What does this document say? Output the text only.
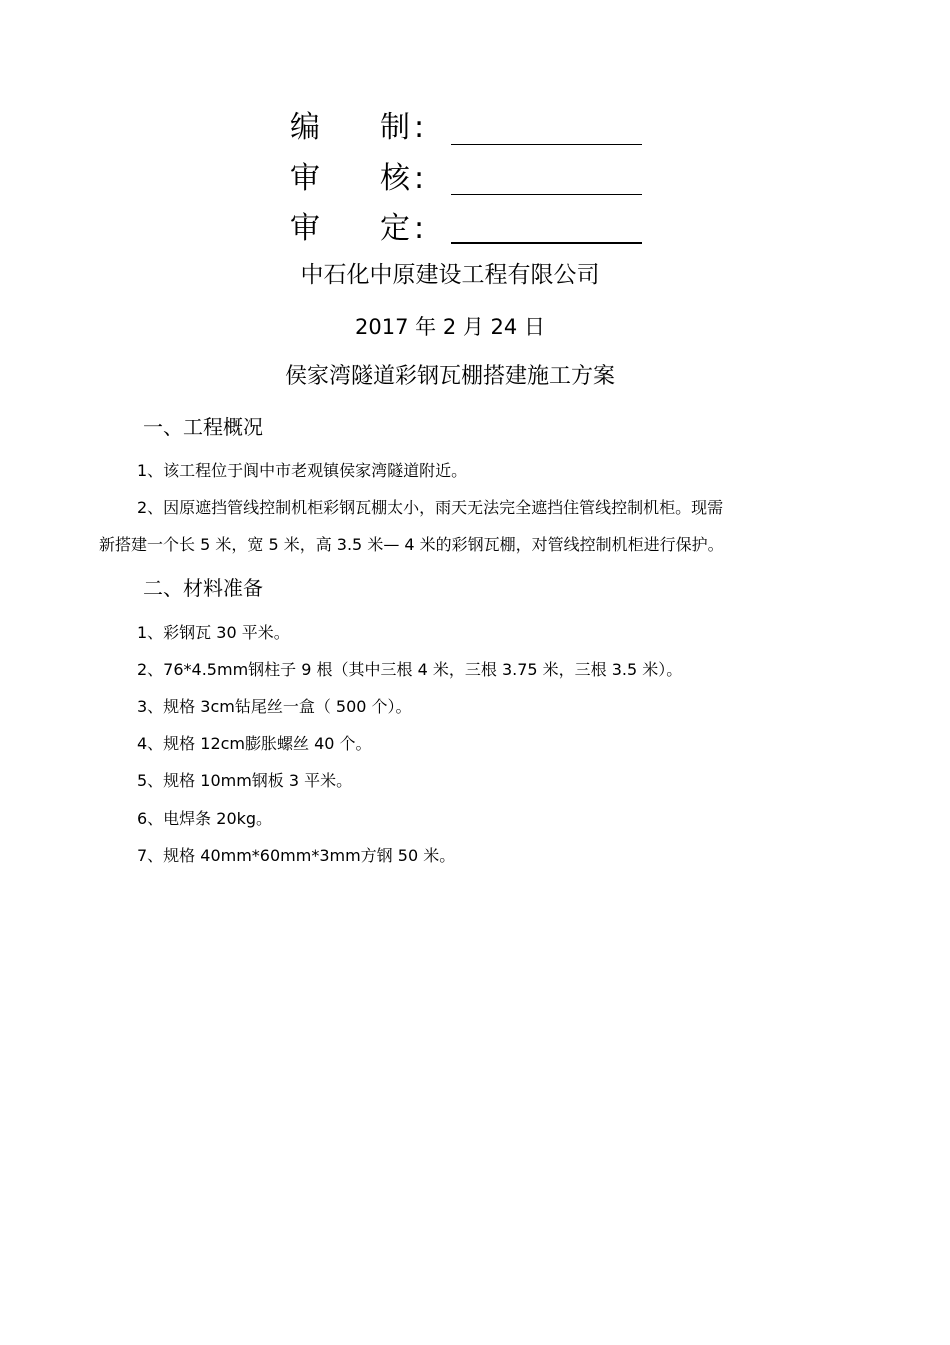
编 制 :
审 核 :
审 定 :
中石化中原建设工程有限公司
2017 年 2 月 24 日
侯家湾隧道彩钢瓦棚搭建施工方案
一、工程概况
1、该工程位于阆中市老观镇侯家湾隧道附近。
2、因原遮挡管线控制机柜彩钢瓦棚太小，雨天无法完全遮挡住管线控制机柜。现需
新搭建一个长 5 米，宽 5 米，高 3.5 米— 4 米的彩钢瓦棚，对管线控制机柜进行保护。
二、材料准备
1、彩钢瓦 30 平米。
2、76*4.5mm钢柱子 9 根（其中三根 4 米，三根 3.75 米，三根 3.5 米）。
3、规格 3cm钻尾丝一盒（ 500 个）。
4、规格 12cm膨胀螺丝 40 个。
5、规格 10mm钢板 3 平米。
6、电焊条 20kg。
7、规格 40mm*60mm*3mm方钢 50 米。
